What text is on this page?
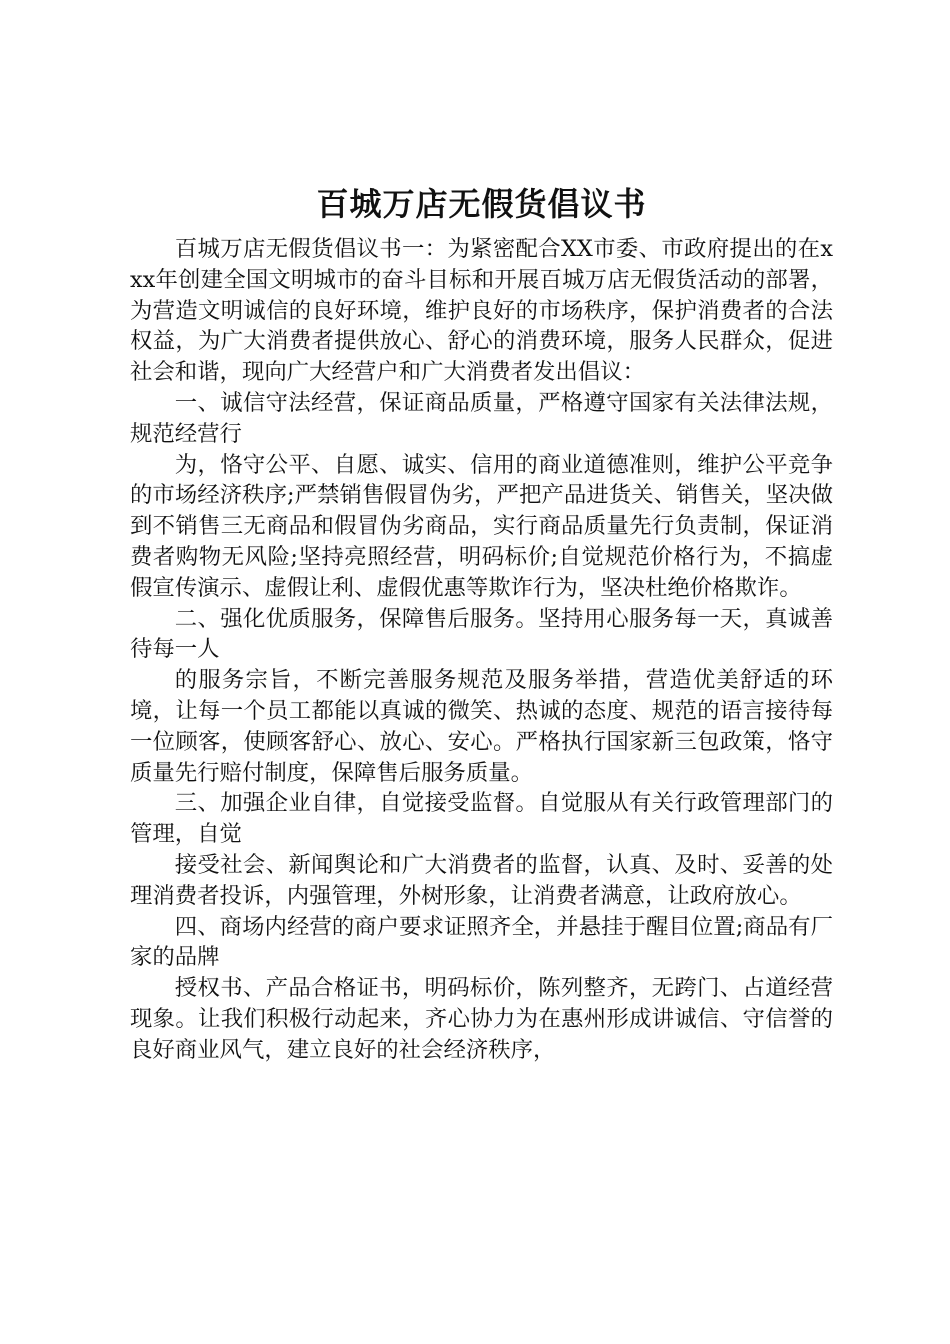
百城万店无假货倡议书

百城万店无假货倡议书一：为紧密配合XX市委、市政府提出的在xxx年创建全国文明城市的奋斗目标和开展百城万店无假货活动的部署，为营造文明诚信的良好环境，维护良好的市场秩序，保护消费者的合法权益，为广大消费者提供放心、舒心的消费环境，服务人民群众，促进社会和谐，现向广大经营户和广大消费者发出倡议：

一、诚信守法经营，保证商品质量，严格遵守国家有关法律法规，规范经营行

为，恪守公平、自愿、诚实、信用的商业道德准则，维护公平竞争的市场经济秩序;严禁销售假冒伪劣，严把产品进货关、销售关，坚决做到不销售三无商品和假冒伪劣商品，实行商品质量先行负责制，保证消费者购物无风险;坚持亮照经营，明码标价;自觉规范价格行为，不搞虚假宣传演示、虚假让利、虚假优惠等欺诈行为，坚决杜绝价格欺诈。

二、强化优质服务，保障售后服务。坚持用心服务每一天，真诚善待每一人

的服务宗旨，不断完善服务规范及服务举措，营造优美舒适的环境，让每一个员工都能以真诚的微笑、热诚的态度、规范的语言接待每一位顾客，使顾客舒心、放心、安心。严格执行国家新三包政策，恪守质量先行赔付制度，保障售后服务质量。

三、加强企业自律，自觉接受监督。自觉服从有关行政管理部门的管理，自觉

接受社会、新闻舆论和广大消费者的监督，认真、及时、妥善的处理消费者投诉，内强管理，外树形象，让消费者满意，让政府放心。

四、商场内经营的商户要求证照齐全，并悬挂于醒目位置;商品有厂家的品牌

授权书、产品合格证书，明码标价，陈列整齐，无跨门、占道经营现象。让我们积极行动起来，齐心协力为在惠州形成讲诚信、守信誉的良好商业风气，建立良好的社会经济秩序，
